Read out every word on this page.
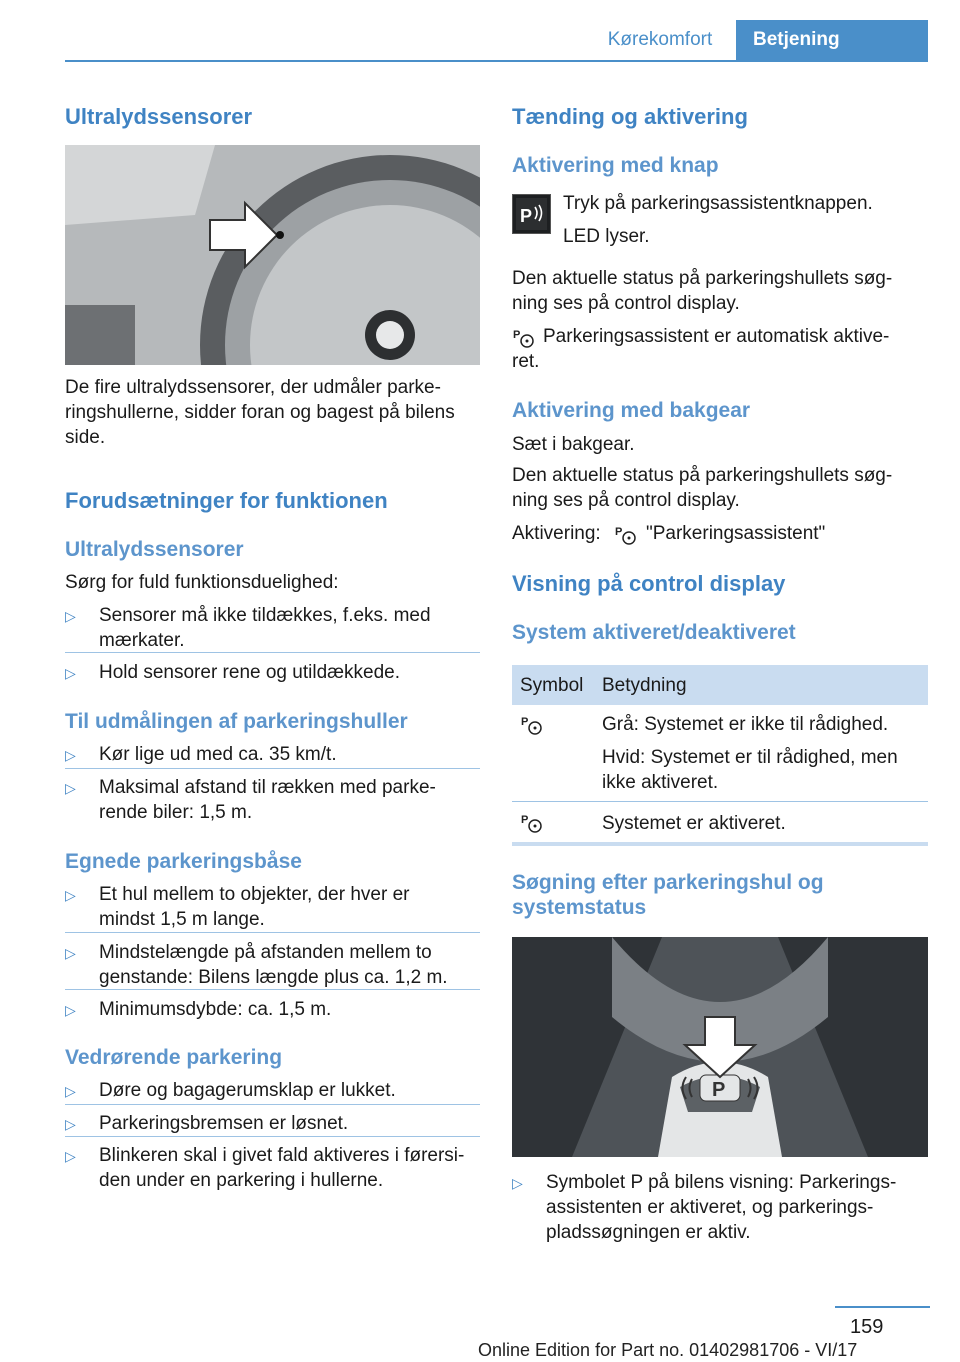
Kørekomfort	Betjening
Ultralydssensorer
De fire ultralydssensorer, der udmåler parke-
ringshullerne, sidder foran og bagest på bilens
side.
Forudsætninger for funktionen
Ultralydssensorer
Sørg for fuld funktionsduelighed:
▷ Sensorer må ikke tildækkes, f.eks. med
mærkater.
▷ Hold sensorer rene og utildækkede.
Til udmålingen af parkeringshuller
▷ Kør lige ud med ca. 35 km/t.
▷ Maksimal afstand til rækken med parke-
rende biler: 1,5 m.
Egnede parkeringsbåse
▷ Et hul mellem to objekter, der hver er
mindst 1,5 m lange.
▷ Mindstelængde på afstanden mellem to
genstande: Bilens længde plus ca. 1,2 m.
▷ Minimumsdybde: ca. 1,5 m.
Vedrørende parkering
▷ Døre og bagagerumsklap er lukket.
▷ Parkeringsbremsen er løsnet.
▷ Blinkeren skal i givet fald aktiveres i førersi-
den under en parkering i hullerne.
Tænding og aktivering
Aktivering med knap
P
Tryk på parkeringsassistentknappen.
LED lyser.
Den aktuelle status på parkeringshullets søg-
ning ses på control display.
P	Parkeringsassistent er automatisk aktive-
ret.
Aktivering med bakgear
Sæt i bakgear.
Den aktuelle status på parkeringshullets søg-
ning ses på control display.
Aktivering: P "Parkeringsassistent"
Visning på control display
System aktiveret/deaktiveret
Symbol Betydning
P	Grå: Systemet er ikke til rådighed.
Hvid: Systemet er til rådighed, men
ikke aktiveret.
P	Systemet er aktiveret.
Søgning efter parkeringshul og
systemstatus
P
▷ Symbolet P på bilens visning: Parkerings-
assistenten er aktiveret, og parkerings-
pladssøgningen er aktiv.
159
Online Edition for Part no. 01402981706 - VI/17
